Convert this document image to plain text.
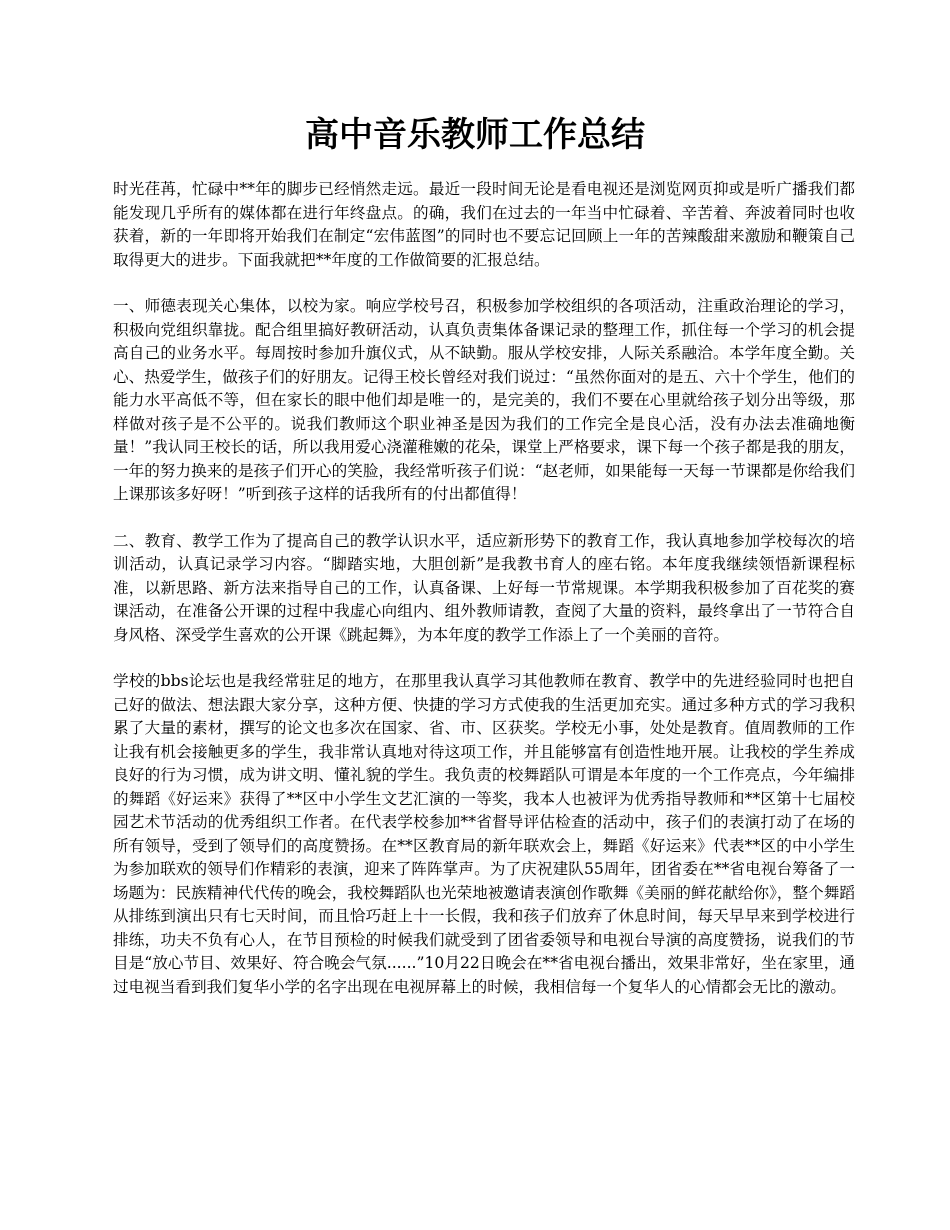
高中音乐教师工作总结

时光荏苒，忙碌中**年的脚步已经悄然走远。最近一段时间无论是看电视还是浏览网页抑或是听广播我们都能发现几乎所有的媒体都在进行年终盘点。的确，我们在过去的一年当中忙碌着、辛苦着、奔波着同时也收获着，新的一年即将开始我们在制定“宏伟蓝图”的同时也不要忘记回顾上一年的苦辣酸甜来激励和鞭策自己取得更大的进步。下面我就把**年度的工作做简要的汇报总结。

一、师德表现关心集体，以校为家。响应学校号召，积极参加学校组织的各项活动，注重政治理论的学习，积极向党组织靠拢。配合组里搞好教研活动，认真负责集体备课记录的整理工作，抓住每一个学习的机会提高自己的业务水平。每周按时参加升旗仪式，从不缺勤。服从学校安排，人际关系融洽。本学年度全勤。关心、热爱学生，做孩子们的好朋友。记得王校长曾经对我们说过：“虽然你面对的是五、六十个学生，他们的能力水平高低不等，但在家长的眼中他们却是唯一的，是完美的，我们不要在心里就给孩子划分出等级，那样做对孩子是不公平的。说我们教师这个职业神圣是因为我们的工作完全是良心活，没有办法去准确地衡量！”我认同王校长的话，所以我用爱心浇灌稚嫩的花朵，课堂上严格要求，课下每一个孩子都是我的朋友，一年的努力换来的是孩子们开心的笑脸，我经常听孩子们说：“赵老师，如果能每一天每一节课都是你给我们上课那该多好呀！”听到孩子这样的话我所有的付出都值得！

二、教育、教学工作为了提高自己的教学认识水平，适应新形势下的教育工作，我认真地参加学校每次的培训活动，认真记录学习内容。“脚踏实地，大胆创新”是我教书育人的座右铭。本年度我继续领悟新课程标准，以新思路、新方法来指导自己的工作，认真备课、上好每一节常规课。本学期我积极参加了百花奖的赛课活动，在准备公开课的过程中我虚心向组内、组外教师请教，查阅了大量的资料，最终拿出了一节符合自身风格、深受学生喜欢的公开课《跳起舞》，为本年度的教学工作添上了一个美丽的音符。

学校的bbs论坛也是我经常驻足的地方，在那里我认真学习其他教师在教育、教学中的先进经验同时也把自己好的做法、想法跟大家分享，这种方便、快捷的学习方式使我的生活更加充实。通过多种方式的学习我积累了大量的素材，撰写的论文也多次在国家、省、市、区获奖。学校无小事，处处是教育。值周教师的工作让我有机会接触更多的学生，我非常认真地对待这项工作，并且能够富有创造性地开展。让我校的学生养成良好的行为习惯，成为讲文明、懂礼貌的学生。我负责的校舞蹈队可谓是本年度的一个工作亮点，今年编排的舞蹈《好运来》获得了**区中小学生文艺汇演的一等奖，我本人也被评为优秀指导教师和**区第十七届校园艺术节活动的优秀组织工作者。在代表学校参加**省督导评估检查的活动中，孩子们的表演打动了在场的所有领导，受到了领导们的高度赞扬。在**区教育局的新年联欢会上，舞蹈《好运来》代表**区的中小学生为参加联欢的领导们作精彩的表演，迎来了阵阵掌声。为了庆祝建队55周年，团省委在**省电视台筹备了一场题为：民族精神代代传的晚会，我校舞蹈队也光荣地被邀请表演创作歌舞《美丽的鲜花献给你》，整个舞蹈从排练到演出只有七天时间，而且恰巧赶上十一长假，我和孩子们放弃了休息时间，每天早早来到学校进行排练，功夫不负有心人，在节目预检的时候我们就受到了团省委领导和电视台导演的高度赞扬，说我们的节目是“放心节目、效果好、符合晚会气氛......”10月22日晚会在**省电视台播出，效果非常好，坐在家里，通过电视当看到我们复华小学的名字出现在电视屏幕上的时候，我相信每一个复华人的心情都会无比的激动。
